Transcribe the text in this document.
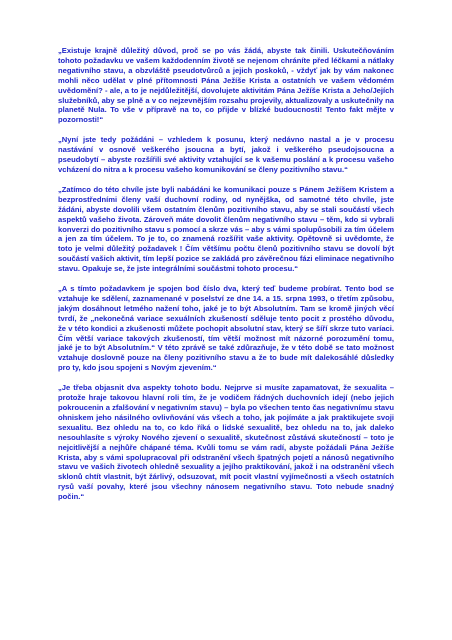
„Existuje krajně důležitý důvod, proč se po vás žádá, abyste tak činili. Uskutečňováním tohoto požadavku ve vašem každodenním životě se nejenom chráníte před léčkami a nátlaky negativního stavu, a obzvláště pseudotvůrců a jejich poskoků, - vždyť jak by vám nakonec mohli něco udělat v plné přítomnosti Pána Ježíše Krista a ostatních ve vašem vědomém uvědomění? - ale, a to je nejdůležitější, dovolujete aktivitám Pána Ježíše Krista a Jeho/Jejích služebníků, aby se plně a v co nejzevnějším rozsahu projevily, aktualizovaly a uskutečnily na planetě Nula. To vše v přípravě na to, co přijde v blízké budoucnosti! Tento fakt mějte v pozornosti!“

„Nyní jste tedy požádáni – vzhledem k posunu, který nedávno nastal a je v procesu nastávání v osnově veškerého jsoucna a bytí, jakož i veškerého pseudojsoucna a pseudobytí – abyste rozšířili své aktivity vztahující se k vašemu poslání a k procesu vašeho vcházení do nitra a k procesu vašeho komunikování se členy pozitivního stavu.“

„Zatímco do této chvíle jste byli nabádáni ke komunikaci pouze s Pánem Ježíšem Kristem a bezprostředními členy vaší duchovní rodiny, od nynějška, od samotné této chvíle, jste žádáni, abyste dovolili všem ostatním členům pozitivního stavu, aby se stali součástí všech aspektů vašeho života. Zároveň máte dovolit členům negativního stavu – těm, kdo si vybrali konverzi do pozitivního stavu s pomocí a skrze vás – aby s vámi spolupůsobili za tím účelem a jen za tím účelem. To je to, co znamená rozšířit vaše aktivity. Opětovně si uvědomte, že toto je velmi důležitý požadavek ! Čím většímu počtu členů pozitivního stavu se dovolí být součástí vašich aktivit, tím lepší pozice se zakládá pro závěrečnou fázi eliminace negativního stavu. Opakuje se, že jste integrálními součástmi tohoto procesu.“

„A s tímto požadavkem je spojen bod číslo dva, který teď budeme probírat. Tento bod se vztahuje ke sdělení, zaznamenané v poselství ze dne 14. a 15. srpna 1993, o třetím způsobu, jakým dosáhnout letmého nažení toho, jaké je to být Absolutním. Tam se kromě jiných věcí tvrdí, že „nekonečná variace sexuálních zkušeností sděluje tento pocit z prostého důvodu, že v této kondici a zkušenosti můžete pochopit absolutní stav, který se šíří skrze tuto varíaci. Čím větší variace takových zkušeností, tím větší možnost mít názorné porozumění tomu, jaké je to být Absolutním.“ V této zprávě se také zdůrazňuje, že v této době se tato možnost vztahuje doslovně pouze na členy pozitivního stavu a že to bude mít dalekosáhlé důsledky pro ty, kdo jsou spojeni s Novým zjevením.“

„Je třeba objasnit dva aspekty tohoto bodu. Nejprve si musíte zapamatovat, že sexualita – protože hraje takovou hlavní roli tím, že je vodičem řádných duchovních idejí (nebo jejich pokroucenin a zfalšování v negativním stavu) – byla po všechen tento čas negativnímu stavu ohniskem jeho násilného ovlivňování vás všech a toho, jak pojímáte a jak praktikujete svoji sexualitu. Bez ohledu na to, co kdo říká o lidské sexualitě, bez ohledu na to, jak daleko nesouhlasíte s výroky Nového zjevení o sexualitě, skutečnost zůstává skutečností – toto je nejcitlivější a nejhůře chápané téma. Kvůli tomu se vám radí, abyste požádali Pána Ježíše Krista, aby s vámi spolupracoval při odstranění všech špatných pojetí a nánosů negativního stavu ve vašich životech ohledně sexuality a jejího praktikování, jakož i na odstranění všech sklonů chtít vlastnit, být žárlivý, odsuzovat, mít pocit vlastní vyjímečnosti a všech ostatních rysů vaší povahy, které jsou všechny nánosem negativního stavu. Toto nebude snadný počin.“
